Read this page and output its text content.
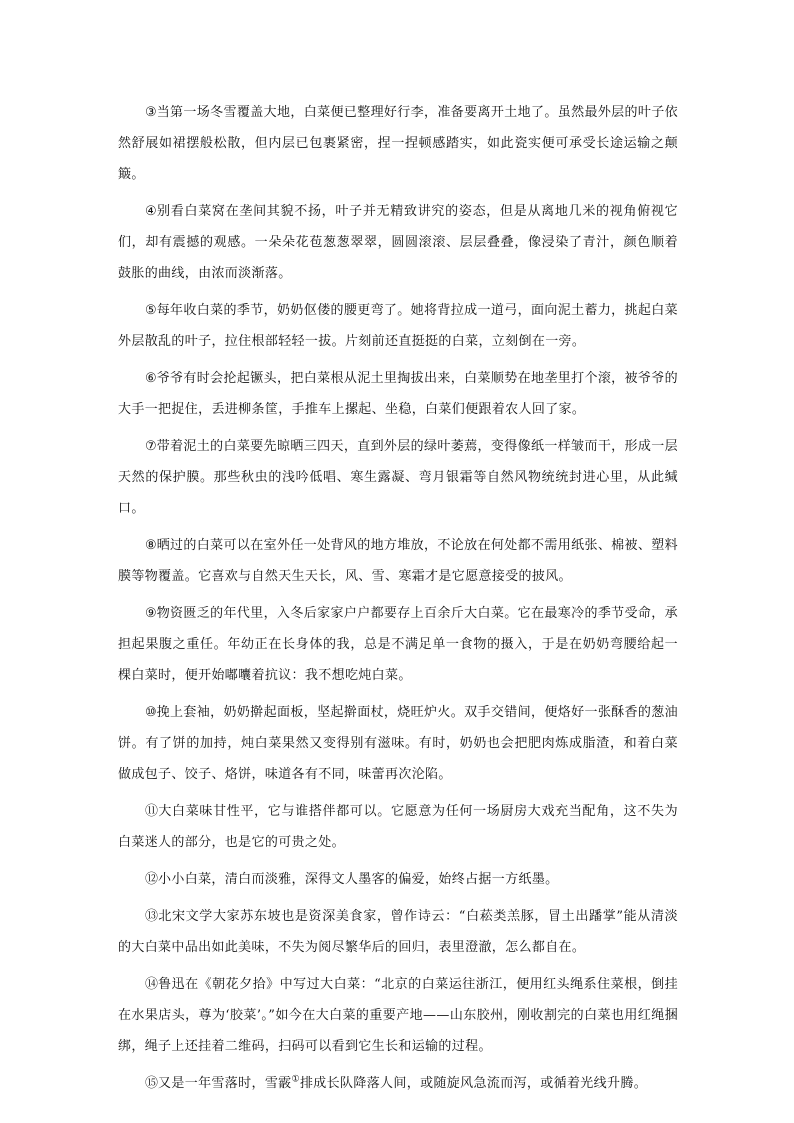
③当第一场冬雪覆盖大地，白菜便已整理好行李，准备要离开土地了。虽然最外层的叶子依然舒展如裙摆般松散，但内层已包裹紧密，捏一捏顿感踏实，如此瓷实便可承受长途运输之颠簸。

④别看白菜窝在垄间其貌不扬，叶子并无精致讲究的姿态，但是从离地几米的视角俯视它们，却有震撼的观感。一朵朵花苞葱葱翠翠，圆圆滚滚、层层叠叠，像浸染了青汁，颜色顺着鼓胀的曲线，由浓而淡渐落。

⑤每年收白菜的季节，奶奶伛偻的腰更弯了。她将背拉成一道弓，面向泥土蓄力，挑起白菜外层散乱的叶子，拉住根部轻轻一拔。片刻前还直挺挺的白菜，立刻倒在一旁。

⑥爷爷有时会抡起镢头，把白菜根从泥土里掏拔出来，白菜顺势在地垄里打个滚，被爷爷的大手一把捉住，丢进柳条筐，手推车上摞起、坐稳，白菜们便跟着农人回了家。

⑦带着泥土的白菜要先晾晒三四天，直到外层的绿叶萎蔫，变得像纸一样皱而干，形成一层天然的保护膜。那些秋虫的浅吟低唱、寒生露凝、弯月银霜等自然风物统统封进心里，从此缄口。

⑧晒过的白菜可以在室外任一处背风的地方堆放，不论放在何处都不需用纸张、棉被、塑料膜等物覆盖。它喜欢与自然天生天长，风、雪、寒霜才是它愿意接受的披风。

⑨物资匮乏的年代里，入冬后家家户户都要存上百余斤大白菜。它在最寒冷的季节受命，承担起果腹之重任。年幼正在长身体的我，总是不满足单一食物的摄入，于是在奶奶弯腰给起一棵白菜时，便开始嘟囔着抗议：我不想吃炖白菜。

⑩挽上套袖，奶奶擀起面板，坚起擀面杖，烧旺炉火。双手交错间，便烙好一张酥香的葱油饼。有了饼的加持，炖白菜果然又变得别有滋味。有时，奶奶也会把肥肉炼成脂渣，和着白菜做成包子、饺子、烙饼，味道各有不同，味蕾再次沦陷。

⑪大白菜味甘性平，它与谁搭伴都可以。它愿意为任何一场厨房大戏充当配角，这不失为白菜迷人的部分，也是它的可贵之处。

⑫小小白菜，清白而淡雅，深得文人墨客的偏爱，始终占据一方纸墨。

⑬北宋文学大家苏东坡也是资深美食家，曾作诗云：“白菘类羔豚，冒土出蹯掌”能从清淡的大白菜中品出如此美味，不失为阅尽繁华后的回归，表里澄澈，怎么都自在。

⑭鲁迅在《朝花夕拾》中写过大白菜：“北京的白菜运往浙江，便用红头绳系住菜根，倒挂在水果店头，尊为‘胶菜’。”如今在大白菜的重要产地——山东胶州，刚收割完的白菜也用红绳捆绑，绳子上还挂着二维码，扫码可以看到它生长和运输的过程。

⑮又是一年雪落时，雪霰①排成长队降落人间，或随旋风急流而泻，或循着光线升腾。
